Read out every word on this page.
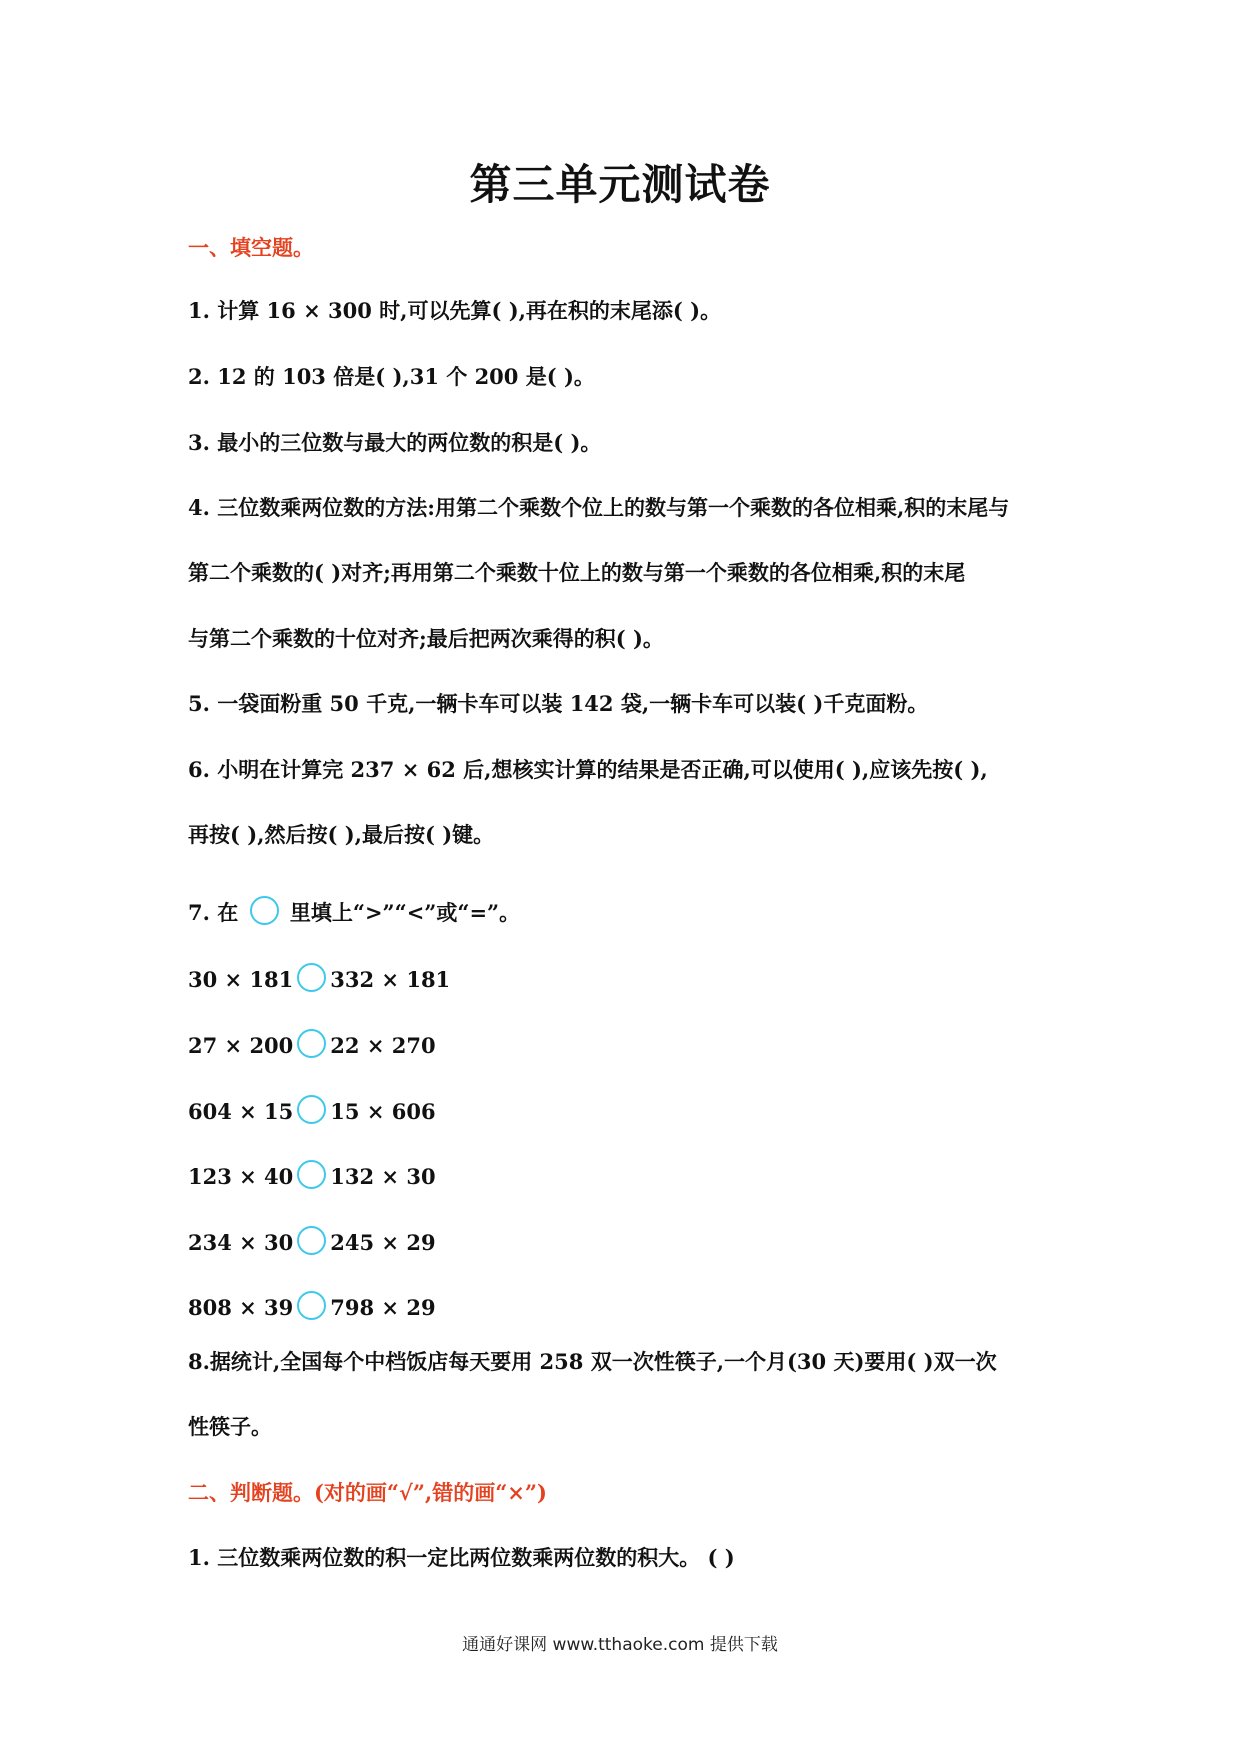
第三单元测试卷
一、填空题。
1. 计算 16 × 300 时,可以先算( ),再在积的末尾添( )。
2. 12 的 103 倍是( ),31 个 200 是( )。
3. 最小的三位数与最大的两位数的积是( )。
4. 三位数乘两位数的方法:用第二个乘数个位上的数与第一个乘数的各位相乘,积的末尾与
第二个乘数的( )对齐;再用第二个乘数十位上的数与第一个乘数的各位相乘,积的末尾
与第二个乘数的十位对齐;最后把两次乘得的积( )。
5. 一袋面粉重 50 千克,一辆卡车可以装 142 袋,一辆卡车可以装( )千克面粉。
6. 小明在计算完 237 × 62 后,想核实计算的结果是否正确,可以使用( ),应该先按( ),
再按( ),然后按( ),最后按( )键。
7. 在 里填上“>”“<”或“=”。
30 × 181 332 × 181
27 × 200 22 × 270
604 × 15 15 × 606
123 × 40 132 × 30
234 × 30 245 × 29
808 × 39 798 × 29
8.据统计,全国每个中档饭店每天要用 258 双一次性筷子,一个月(30 天)要用( )双一次
性筷子。
二、判断题。(对的画“√”,错的画“×”)
1. 三位数乘两位数的积一定比两位数乘两位数的积大。 ( )
通通好课网 www.tthaoke.com 提供下载
